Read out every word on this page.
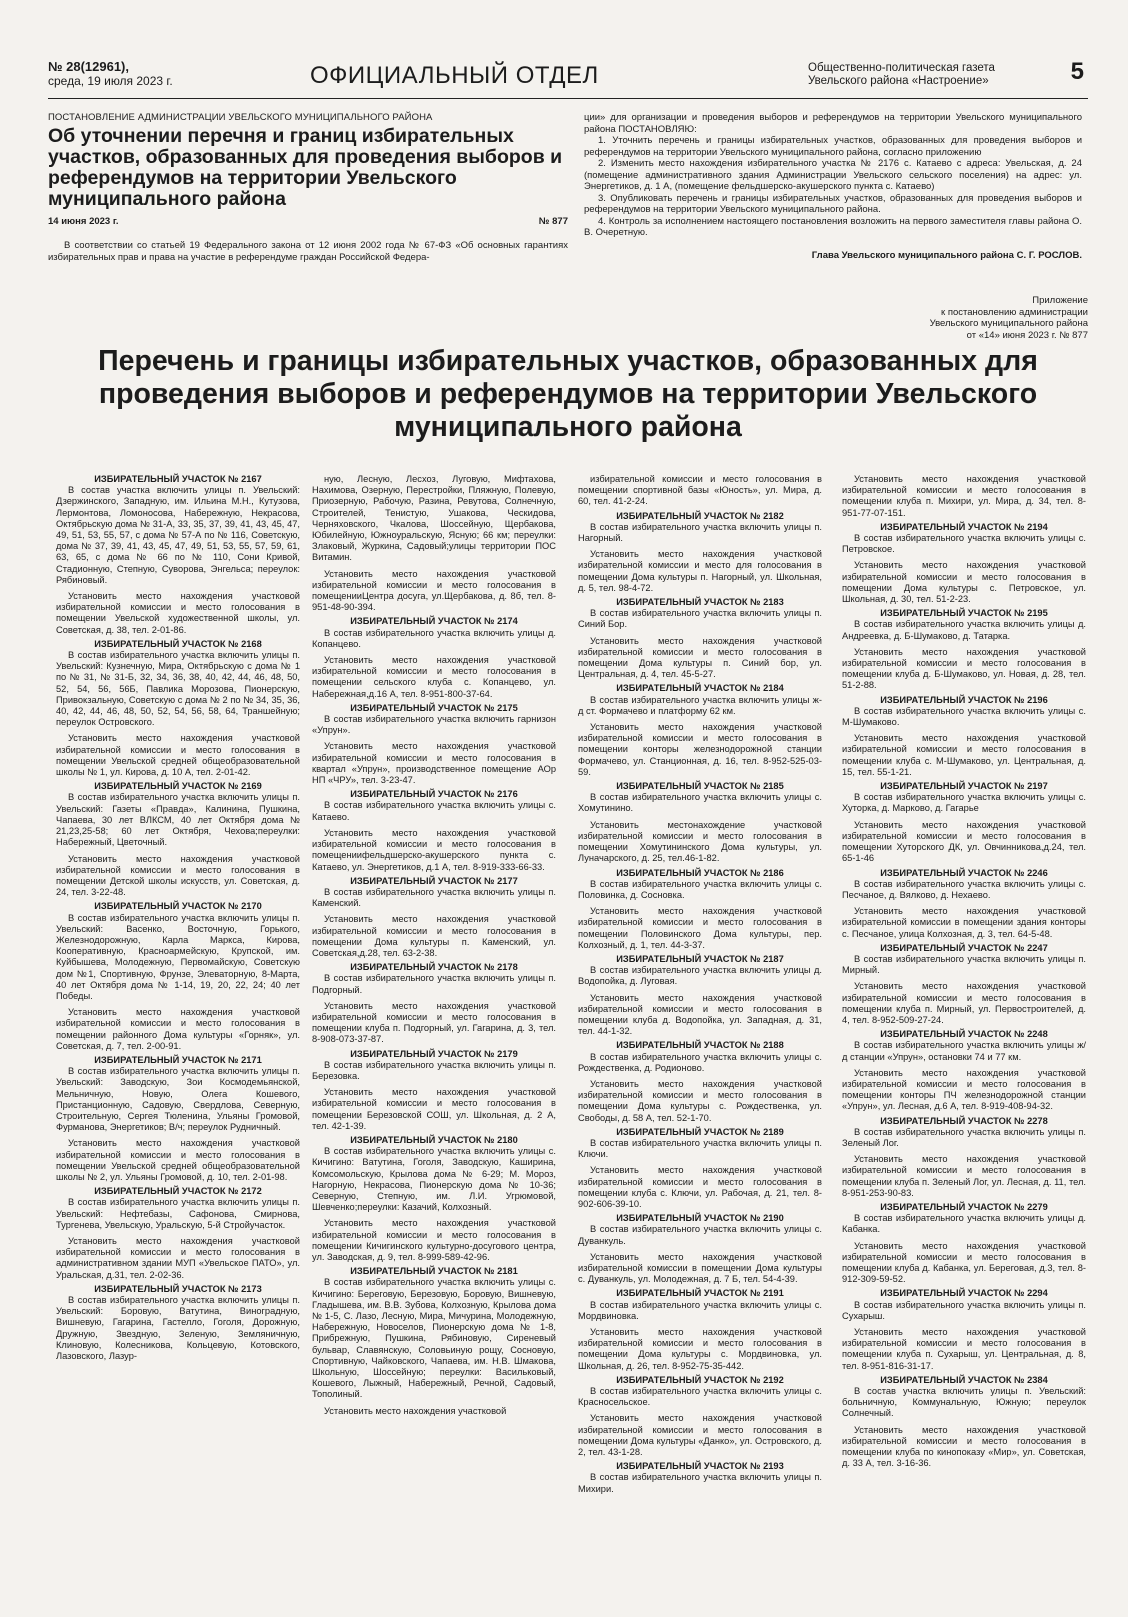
№ 28(12961),
среда, 19 июля 2023 г.	ОФИЦИАЛЬНЫЙ ОТДЕЛ	Общественно-политическая газета
Увельского района «Настроение»	5
ПОСТАНОВЛЕНИЕ АДМИНИСТРАЦИИ УВЕЛЬСКОГО МУНИЦИПАЛЬНОГО РАЙОНА
Об уточнении перечня и границ избирательных участков, образованных для проведения выборов и референдумов на территории Увельского муниципального района
14 июня 2023 г.	№ 877
В соответствии со статьей 19 Федерального закона от 12 июня 2002 года № 67-ФЗ «Об основных гарантиях избирательных прав и права на участие в референдуме граждан Российской Федера-

ции» для организации и проведения выборов и референдумов на территории Увельского муниципального района ПОСТАНОВЛЯЮ:

1. Уточнить перечень и границы избирательных участков, образованных для проведения выборов и референдумов на территории Увельского муниципального района, согласно приложению

2. Изменить место нахождения избирательного участка № 2176 с. Катаево с адреса: Увельская, д. 24 (помещение административного здания Администрации Увельского сельского поселения) на адрес: ул. Энергетиков, д. 1 А, (помещение фельдшерско-акушерского пункта с. Катаево)

3. Опубликовать перечень и границы избирательных участков, образованных для проведения выборов и референдумов на территории Увельского муниципального района.

4. Контроль за исполнением настоящего постановления возложить на первого заместителя главы района О. В. Очеретную.

Глава Увельского муниципального района С. Г. РОСЛОВ.
Приложение
к постановлению администрации
Увельского муниципального района
от «14» июня 2023 г. № 877
Перечень и границы избирательных участков, образованных для проведения выборов и референдумов на территории Увельского муниципального района
ИЗБИРАТЕЛЬНЫЙ УЧАСТОК № 2167
В состав участка включить улицы п. Увельский: Дзержинского, Западную, им. Ильина М.Н., Кутузова, Лермонтова, Ломоносова, Набережную, Некрасова, Октябрьскую дома № 31-А, 33, 35, 37, 39, 41, 43, 45, 47, 49, 51, 53, 55, 57, с дома № 57-А по № 116, Советскую, дома № 37, 39, 41, 43, 45, 47, 49, 51, 53, 55, 57, 59, 61, 63, 65, с дома № 66 по № 110, Сони Кривой, Стадионную, Степную, Суворова, Энгельса; переулок: Рябиновый.
Установить место нахождения участковой избирательной комиссии и место голосования в помещении Увельской художественной школы, ул. Советская, д. 38, тел. 2-01-86.
ИЗБИРАТЕЛЬНЫЙ УЧАСТОК № 2168
В состав избирательного участка включить улицы п. Увельский: Кузнечную, Мира, Октябрьскую с дома № 1 по № 31, № 31-Б, 32, 34, 36, 38, 40, 42, 44, 46, 48, 50, 52, 54, 56, 56Б, Павлика Морозова, Пионерскую, Привокзальную, Советскую с дома № 2 по № 34, 35, 36, 40, 42, 44, 46, 48, 50, 52, 54, 56, 58, 64, Траншейную; переулок Островского.
Установить место нахождения участковой избирательной комиссии и место голосования в помещении Увельской средней общеобразовательной школы № 1, ул. Кирова, д. 10 А, тел. 2-01-42.
ИЗБИРАТЕЛЬНЫЙ УЧАСТОК № 2169
В состав избирательного участка включить улицы п. Увельский: Газеты «Правда», Калинина, Пушкина, Чапаева, 30 лет ВЛКСМ, 40 лет Октября дома № 21,23,25-58; 60 лет Октября, Чехова;переулки: Набережный, Цветочный.
Установить место нахождения участковой избирательной комиссии и место голосования в помещении Детской школы искусств, ул. Советская, д. 24, тел. 3-22-48.
ИЗБИРАТЕЛЬНЫЙ УЧАСТОК № 2170
В состав избирательного участка включить улицы п. Увельский: Васенко, Восточную, Горького, Железнодорожную, Карла Маркса, Кирова, Кооперативную, Красноармейскую, Крупской, им. Куйбышева, Молодежную, Первомайскую, Советскую дом №1, Спортивную, Фрунзе, Элеваторную, 8-Марта, 40 лет Октября дома № 1-14, 19, 20, 22, 24; 40 лет Победы.
Установить место нахождения участковой избирательной комиссии и место голосования в помещении районного Дома культуры «Горняк», ул. Советская, д. 7, тел. 2-00-91.
ИЗБИРАТЕЛЬНЫЙ УЧАСТОК № 2171
В состав избирательного участка включить улицы п. Увельский: Заводскую, Зои Космодемьянской, Мельничную, Новую, Олега Кошевого, Пристанционную, Садовую, Свердлова, Северную, Строительную, Сергея Тюленина, Ульяны Громовой, Фурманова, Энергетиков; В/ч; переулок Рудничный.
Установить место нахождения участковой избирательной комиссии и место голосования в помещении Увельской средней общеобразовательной школы № 2, ул. Ульяны Громовой, д. 10, тел. 2-01-98.
ИЗБИРАТЕЛЬНЫЙ УЧАСТОК № 2172
В состав избирательного участка включить улицы п. Увельский: Нефтебазы, Сафонова, Смирнова, Тургенева, Увельскую, Уральскую, 5-й Стройучасток.
Установить место нахождения участковой избирательной комиссии и место голосования в административном здании МУП «Увельское ПАТО», ул. Уральская, д.31, тел. 2-02-36.
ИЗБИРАТЕЛЬНЫЙ УЧАСТОК № 2173
В состав избирательного участка включить улицы п. Увельский: Боровую, Ватутина, Виноградную, Вишневую, Гагарина, Гастелло, Гоголя, Дорожную, Дружную, Звездную, Зеленую, Земляничную, Клиновую, Колесникова, Кольцевую, Котовского, Лазовского, Лазур-
ную, Лесную, Лесхоз, Луговую, Мифтахова, Нахимова, Озерную, Перестройки, Пляжную, Полевую, Приозерную, Рабочую, Разина, Ревутова, Солнечную, Строителей, Тенистую, Ушакова, Ческидова, Черняховского, Чкалова, Шоссейную, Щербакова, Юбилейную, Южноуральскую, Ясную; 66 км; переулки: Злаковый, Журкина, Садовый;улицы территории ПОС Витамин.
Установить место нахождения участковой избирательной комиссии и место голосования в помещенииЦентра досуга, ул.Щербакова, д. 8б, тел. 8-951-48-90-394.
ИЗБИРАТЕЛЬНЫЙ УЧАСТОК № 2174
В состав избирательного участка включить улицы д. Копанцево.
Установить место нахождения участковой избирательной комиссии и место голосования в помещении сельского клуба с. Копанцево, ул. Набережная,д.16 А, тел. 8-951-800-37-64.
ИЗБИРАТЕЛЬНЫЙ УЧАСТОК № 2175
В состав избирательного участка включить гарнизон «Упрун».
Установить место нахождения участковой избирательной комиссии и место голосования в квартал «Упрун», производственное помещение АОр НП «ЧРУ», тел. 3-23-47.
ИЗБИРАТЕЛЬНЫЙ УЧАСТОК № 2176
В состав избирательного участка включить улицы с. Катаево.
Установить место нахождения участковой избирательной комиссии и место голосования в помещениифельдшерско-акушерского пункта с. Катаево, ул. Энергетиков, д.1 А, тел. 8-919-333-66-33.
ИЗБИРАТЕЛЬНЫЙ УЧАСТОК № 2177
В состав избирательного участка включить улицы п. Каменский.
Установить место нахождения участковой избирательной комиссии и место голосования в помещении Дома культуры п. Каменский, ул. Советская,д.28, тел. 63-2-38.
ИЗБИРАТЕЛЬНЫЙ УЧАСТОК № 2178
В состав избирательного участка включить улицы п. Подгорный.
Установить место нахождения участковой избирательной комиссии и место голосования в помещении клуба п. Подгорный, ул. Гагарина, д. 3, тел. 8-908-073-37-87.
ИЗБИРАТЕЛЬНЫЙ УЧАСТОК № 2179
В состав избирательного участка включить улицы п. Березовка.
Установить место нахождения участковой избирательной комиссии и место голосования в помещении Березовской СОШ, ул. Школьная, д. 2 А, тел. 42-1-39.
ИЗБИРАТЕЛЬНЫЙ УЧАСТОК № 2180
В состав избирательного участка включить улицы с. Кичигино: Ватутина, Гоголя, Заводскую, Каширина, Комсомольскую, Крылова дома № 6-29; М. Мороз, Нагорную, Некрасова, Пионерскую дома № 10-36; Северную, Степную, им. Л.И. Угрюмовой, Шевченко;переулки: Казачий, Колхозный.
Установить место нахождения участковой избирательной комиссии и место голосования в помещении Кичигинского культурно-досугового центра, ул. Заводская, д. 9, тел. 8-999-589-42-96.
ИЗБИРАТЕЛЬНЫЙ УЧАСТОК № 2181
В состав избирательного участка включить улицы с. Кичигино: Береговую, Березовую, Боровую, Вишневую, Гладышева, им. В.В. Зубова, Колхозную, Крылова дома № 1-5, С. Лазо, Лесную, Мира, Мичурина, Молодежную, Набережную, Новоселов, Пионерскую дома № 1-8, Прибрежную, Пушкина, Рябиновую, Сиреневый бульвар, Славянскую, Соловьиную рощу, Сосновую, Спортивную, Чайковского, Чапаева, им. Н.В. Шмакова, Школьную, Шоссейную; переулки: Васильковый, Кошевого, Лыжный, Набережный, Речной, Садовый, Тополиный.
Установить место нахождения участковой
избирательной комиссии и место голосования в помещении спортивной базы «Юность», ул. Мира, д. 60, тел. 41-2-24.
ИЗБИРАТЕЛЬНЫЙ УЧАСТОК № 2182
В состав избирательного участка включить улицы п. Нагорный.
Установить место нахождения участковой избирательной комиссии и место для голосования в помещении Дома культуры п. Нагорный, ул. Школьная, д. 5, тел. 98-4-72.
ИЗБИРАТЕЛЬНЫЙ УЧАСТОК № 2183
В состав избирательного участка включить улицы п. Синий Бор.
Установить место нахождения участковой избирательной комиссии и место голосования в помещении Дома культуры п. Синий бор, ул. Центральная, д. 4, тел. 45-5-27.
ИЗБИРАТЕЛЬНЫЙ УЧАСТОК № 2184
В состав избирательного участка включить улицы ж-д ст. Формачево и платформу 62 км.
Установить место нахождения участковой избирательной комиссии и место голосования в помещении конторы железнодорожной станции Формачево, ул. Станционная, д. 16, тел. 8-952-525-03-59.
ИЗБИРАТЕЛЬНЫЙ УЧАСТОК № 2185
В состав избирательного участка включить улицы с. Хомутинино.
Установить местонахождение участковой избирательной комиссии и место голосования в помещении Хомутининского Дома культуры, ул. Луначарского, д. 25, тел.46-1-82.
ИЗБИРАТЕЛЬНЫЙ УЧАСТОК № 2186
В состав избирательного участка включить улицы с. Половинка, д. Сосновка.
Установить место нахождения участковой избирательной комиссии и место голосования в помещении Половинского Дома культуры, пер. Колхозный, д. 1, тел. 44-3-37.
ИЗБИРАТЕЛЬНЫЙ УЧАСТОК № 2187
В состав избирательного участка включить улицы д. Водопойка, д. Луговая.
Установить место нахождения участковой избирательной комиссии и место голосования в помещении клуба д. Водопойка, ул. Западная, д. 31, тел. 44-1-32.
ИЗБИРАТЕЛЬНЫЙ УЧАСТОК № 2188
В состав избирательного участка включить улицы с. Рождественка, д. Родионово.
Установить место нахождения участковой избирательной комиссии и место голосования в помещении Дома культуры с. Рождественка, ул. Свободы, д. 58 А, тел. 52-1-70.
ИЗБИРАТЕЛЬНЫЙ УЧАСТОК № 2189
В состав избирательного участка включить улицы п. Ключи.
Установить место нахождения участковой избирательной комиссии и место голосования в помещении клуба с. Ключи, ул. Рабочая, д. 21, тел. 8-902-606-39-10.
ИЗБИРАТЕЛЬНЫЙ УЧАСТОК № 2190
В состав избирательного участка включить улицы с. Дуванкуль.
Установить место нахождения участковой избирательной комиссии в помещении Дома культуры с. Дуванкуль, ул. Молодежная, д. 7 Б, тел. 54-4-39.
ИЗБИРАТЕЛЬНЫЙ УЧАСТОК № 2191
В состав избирательного участка включить улицы с. Мордвиновка.
Установить место нахождения участковой избирательной комиссии и место голосования в помещении Дома культуры с. Мордвиновка, ул. Школьная, д. 26, тел. 8-952-75-35-442.
ИЗБИРАТЕЛЬНЫЙ УЧАСТОК № 2192
В состав избирательного участка включить улицы с. Красносельское.
Установить место нахождения участковой избирательной комиссии и место голосования в помещении Дома культуры «Данко», ул. Островского, д. 2, тел. 43-1-28.
ИЗБИРАТЕЛЬНЫЙ УЧАСТОК № 2193
В состав избирательного участка включить улицы п. Михири.
Установить место нахождения участковой избирательной комиссии и место голосования в помещении клуба п. Михири, ул. Мира, д. 34, тел. 8-951-77-07-151.
ИЗБИРАТЕЛЬНЫЙ УЧАСТОК № 2194
В состав избирательного участка включить улицы с. Петровское.
Установить место нахождения участковой избирательной комиссии и место голосования в помещении Дома культуры с. Петровское, ул. Школьная, д. 30, тел. 51-2-23.
ИЗБИРАТЕЛЬНЫЙ УЧАСТОК № 2195
В состав избирательного участка включить улицы д. Андреевка, д. Б-Шумаково, д. Татарка.
Установить место нахождения участковой избирательной комиссии и место голосования в помещении клуба д. Б-Шумаково, ул. Новая, д. 28, тел. 51-2-88.
ИЗБИРАТЕЛЬНЫЙ УЧАСТОК № 2196
В состав избирательного участка включить улицы с. М-Шумаково.
Установить место нахождения участковой избирательной комиссии и место голосования в помещении клуба с. М-Шумаково, ул. Центральная, д. 15, тел. 55-1-21.
ИЗБИРАТЕЛЬНЫЙ УЧАСТОК № 2197
В состав избирательного участка включить улицы с. Хуторка, д. Марково, д. Гагарье
Установить место нахождения участковой избирательной комиссии и место голосования в помещении Хуторского ДК, ул. Овчинникова,д.24, тел. 65-1-46
ИЗБИРАТЕЛЬНЫЙ УЧАСТОК № 2246
В состав избирательного участка включить улицы с. Песчаное, д. Вялково, д. Нехаево.
Установить место нахождения участковой избирательной комиссии в помещении здания конторы с. Песчаное, улица Колхозная, д. 3, тел. 64-5-48.
ИЗБИРАТЕЛЬНЫЙ УЧАСТОК № 2247
В состав избирательного участка включить улицы п. Мирный.
Установить место нахождения участковой избирательной комиссии и место голосования в помещении клуба п. Мирный, ул. Первостроителей, д. 4, тел. 8-952-509-27-24.
ИЗБИРАТЕЛЬНЫЙ УЧАСТОК № 2248
В состав избирательного участка включить улицы ж/д станции «Упрун», остановки 74 и 77 км.
Установить место нахождения участковой избирательной комиссии и место голосования в помещении конторы ПЧ железнодорожной станции «Упрун», ул. Лесная, д.6 А, тел. 8-919-408-94-32.
ИЗБИРАТЕЛЬНЫЙ УЧАСТОК № 2278
В состав избирательного участка включить улицы п. Зеленый Лог.
Установить место нахождения участковой избирательной комиссии и место голосования в помещении клуба п. Зеленый Лог, ул. Лесная, д. 11, тел. 8-951-253-90-83.
ИЗБИРАТЕЛЬНЫЙ УЧАСТОК № 2279
В состав избирательного участка включить улицы д. Кабанка.
Установить место нахождения участковой избирательной комиссии и место голосования в помещении клуба д. Кабанка, ул. Береговая, д.3, тел. 8-912-309-59-52.
ИЗБИРАТЕЛЬНЫЙ УЧАСТОК № 2294
В состав избирательного участка включить улицы п. Сухарыш.
Установить место нахождения участковой избирательной комиссии и место голосования в помещении клуба п. Сухарыш, ул. Центральная, д. 8, тел. 8-951-816-31-17.
ИЗБИРАТЕЛЬНЫЙ УЧАСТОК № 2384
В состав участка включить улицы п. Увельский: больничную, Коммунальную, Южную; переулок Солнечный.
Установить место нахождения участковой избирательной комиссии и место голосования в помещении клуба по кинопоказу «Мир», ул. Советская, д. 33 А, тел. 3-16-36.
